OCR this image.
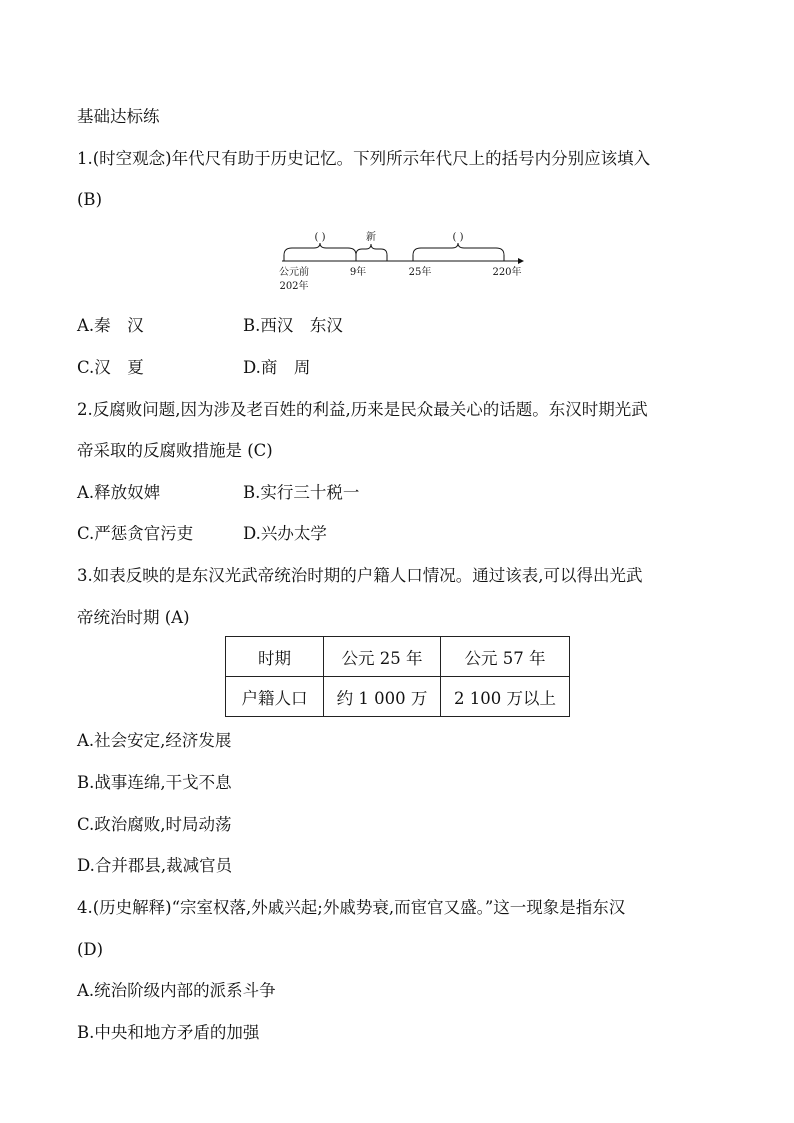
基础达标练
1.(时空观念)年代尺有助于历史记忆。下列所示年代尺上的括号内分别应该填入
(B)
( )	新	( )
公元前
202年
9年	25年	220年
A.秦　汉	B.西汉　东汉
C.汉　夏	D.商　周
2.反腐败问题,因为涉及老百姓的利益,历来是民众最关心的话题。东汉时期光武
帝采取的反腐败措施是 (C)
A.释放奴婢	B.实行三十税一
C.严惩贪官污吏	D.兴办太学
3.如表反映的是东汉光武帝统治时期的户籍人口情况。通过该表,可以得出光武
帝统治时期 (A)
时期	公元 25 年	公元 57 年
户籍人口	约 1 000 万	2 100 万以上
A.社会安定,经济发展
B.战事连绵,干戈不息
C.政治腐败,时局动荡
D.合并郡县,裁减官员
4.(历史解释)“宗室权落,外戚兴起;外戚势衰,而宦官又盛。”这一现象是指东汉
(D)
A.统治阶级内部的派系斗争
B.中央和地方矛盾的加强
